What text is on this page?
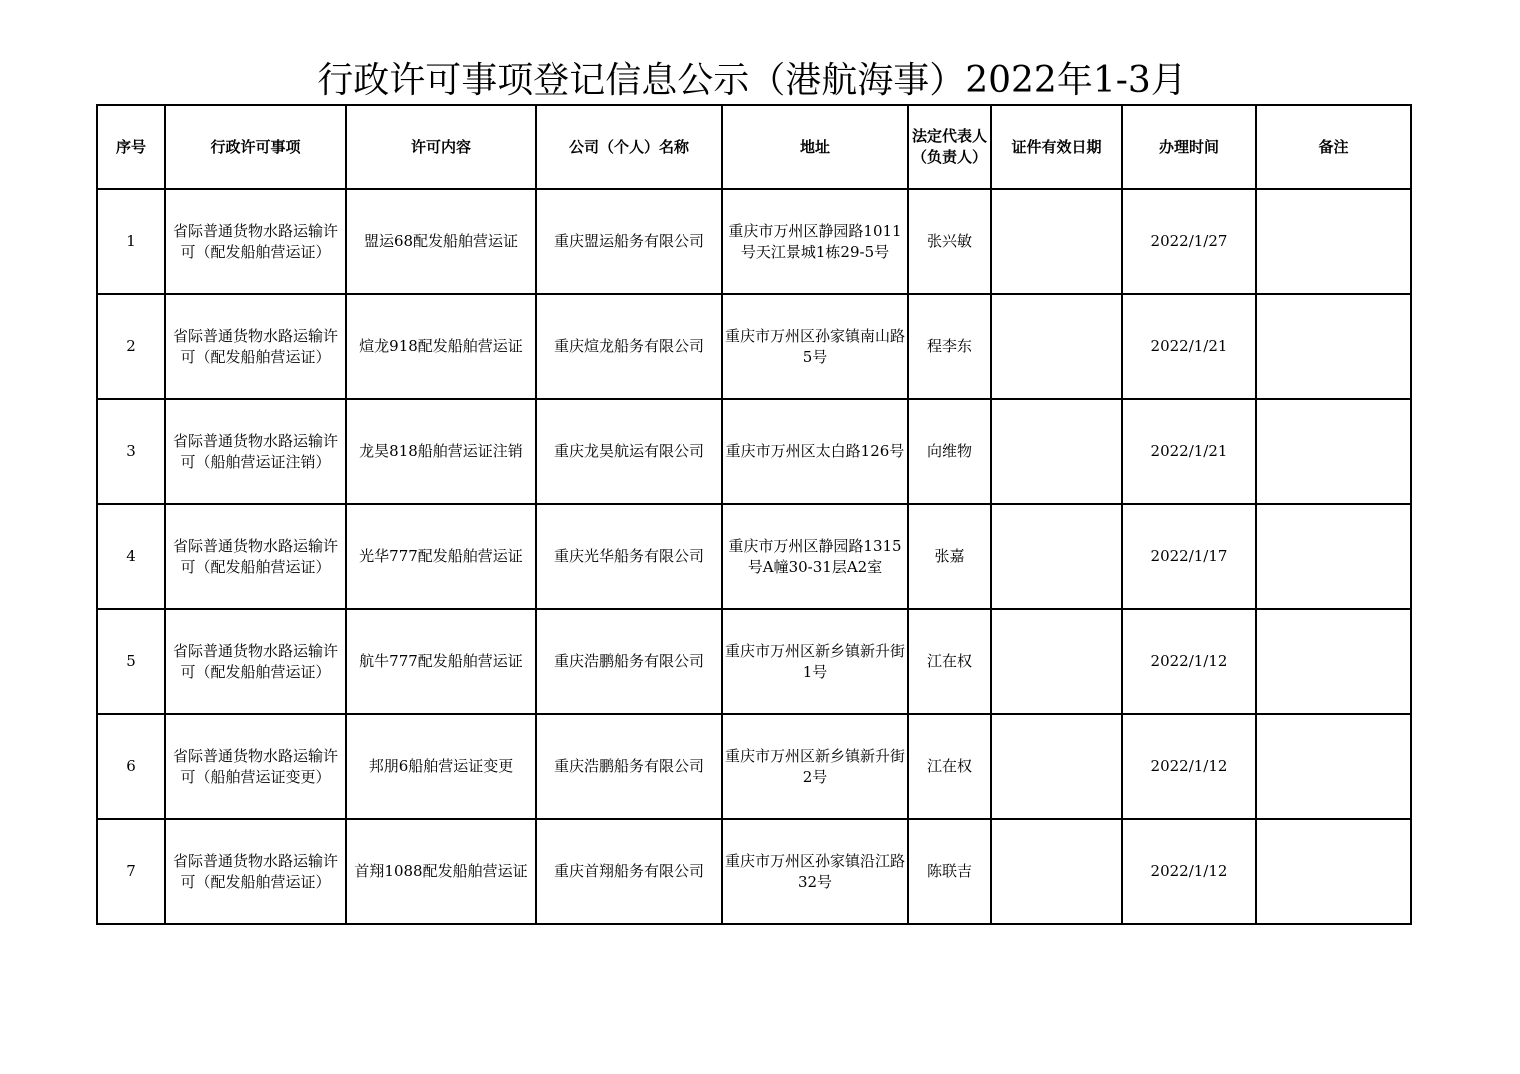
行政许可事项登记信息公示（港航海事）2022年1-3月
序号	行政许可事项	许可内容	公司（个人）名称	地址	法定代表人（负责人）	证件有效日期	办理时间	备注
1	省际普通货物水路运输许可（配发船舶营运证）	盟运68配发船舶营运证	重庆盟运船务有限公司	重庆市万州区静园路1011号天江景城1栋29-5号	张兴敏		2022/1/27	
2	省际普通货物水路运输许可（配发船舶营运证）	煊龙918配发船舶营运证	重庆煊龙船务有限公司	重庆市万州区孙家镇南山路5号	程李东		2022/1/21	
3	省际普通货物水路运输许可（船舶营运证注销）	龙昊818船舶营运证注销	重庆龙昊航运有限公司	重庆市万州区太白路126号	向维物		2022/1/21	
4	省际普通货物水路运输许可（配发船舶营运证）	光华777配发船舶营运证	重庆光华船务有限公司	重庆市万州区静园路1315号A幢30-31层A2室	张嘉		2022/1/17	
5	省际普通货物水路运输许可（配发船舶营运证）	航牛777配发船舶营运证	重庆浩鹏船务有限公司	重庆市万州区新乡镇新升街1号	江在权		2022/1/12	
6	省际普通货物水路运输许可（船舶营运证变更）	邦朋6船舶营运证变更	重庆浩鹏船务有限公司	重庆市万州区新乡镇新升街2号	江在权		2022/1/12	
7	省际普通货物水路运输许可（配发船舶营运证）	首翔1088配发船舶营运证	重庆首翔船务有限公司	重庆市万州区孙家镇沿江路32号	陈联吉		2022/1/12	
